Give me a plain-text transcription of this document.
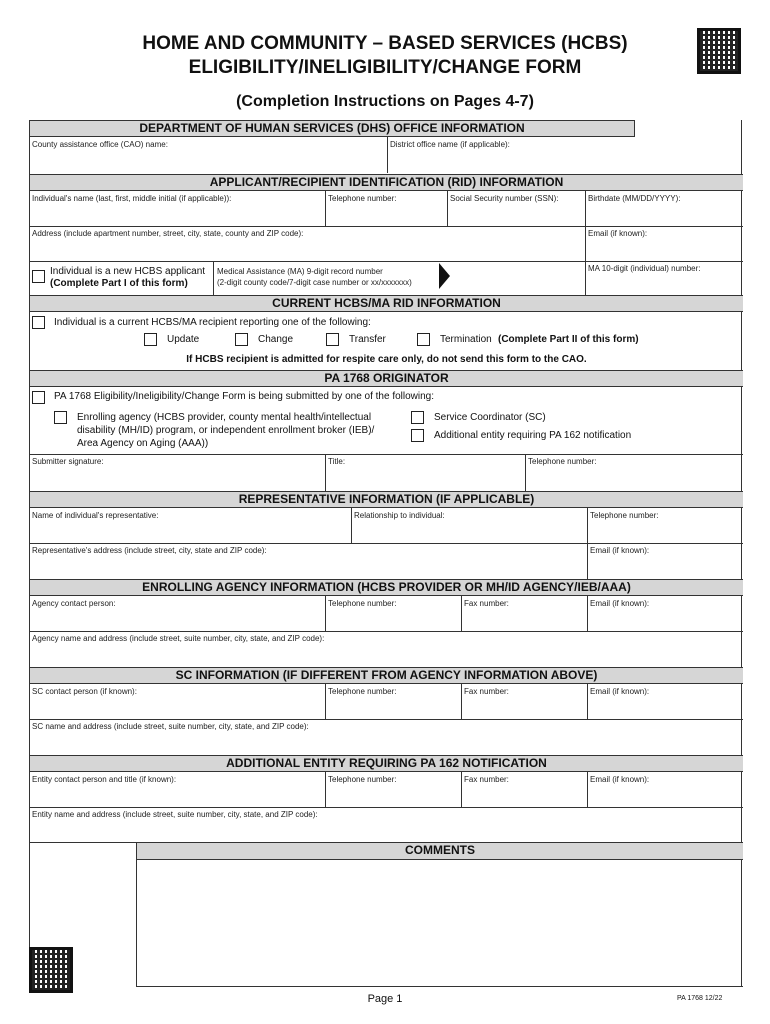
HOME AND COMMUNITY – BASED SERVICES (HCBS)
ELIGIBILITY/INELIGIBILITY/CHANGE FORM
(Completion Instructions on Pages 4-7)
DEPARTMENT OF HUMAN SERVICES (DHS) OFFICE INFORMATION
County assistance office (CAO) name:	District office name (if applicable):
APPLICANT/RECIPIENT IDENTIFICATION (RID) INFORMATION
Individual's name (last, first, middle initial (if applicable)):	Telephone number:	Social Security number (SSN):	Birthdate (MM/DD/YYYY):
Address (include apartment number, street, city, state, county and ZIP code):	Email (if known):
Individual is a new HCBS applicant
(Complete Part I of this form)
Medical Assistance (MA) 9-digit record number
(2-digit county code/7-digit case number or xx/xxxxxxx)
MA 10-digit (individual) number:
CURRENT HCBS/MA RID INFORMATION
Individual is a current HCBS/MA recipient reporting one of the following:
Update	Change	Transfer	Termination (Complete Part II of this form)
If HCBS recipient is admitted for respite care only, do not send this form to the CAO.
PA 1768 ORIGINATOR
PA 1768 Eligibility/Ineligibility/Change Form is being submitted by one of the following:
Enrolling agency (HCBS provider, county mental health/intellectual
disability (MH/ID) program, or independent enrollment broker (IEB)/
Area Agency on Aging (AAA))
Service Coordinator (SC)
Additional entity requiring PA 162 notification
Submitter signature:	Title:	Telephone number:
REPRESENTATIVE INFORMATION (IF APPLICABLE)
Name of individual's representative:	Relationship to individual:	Telephone number:
Representative's address (include street, city, state and ZIP code):	Email (if known):
ENROLLING AGENCY INFORMATION (HCBS PROVIDER OR MH/ID AGENCY/IEB/AAA)
Agency contact person:	Telephone number:	Fax number:	Email (if known):
Agency name and address (include street, suite number, city, state, and ZIP code):
SC INFORMATION (IF DIFFERENT FROM AGENCY INFORMATION ABOVE)
SC contact person (if known):	Telephone number:	Fax number:	Email (if known):
SC name and address (include street, suite number, city, state, and ZIP code):
ADDITIONAL ENTITY REQUIRING PA 162 NOTIFICATION
Entity contact person and title (if known):	Telephone number:	Fax number:	Email (if known):
Entity name and address (include street, suite number, city, state, and ZIP code):
COMMENTS
Page 1	PA 1768 12/22
